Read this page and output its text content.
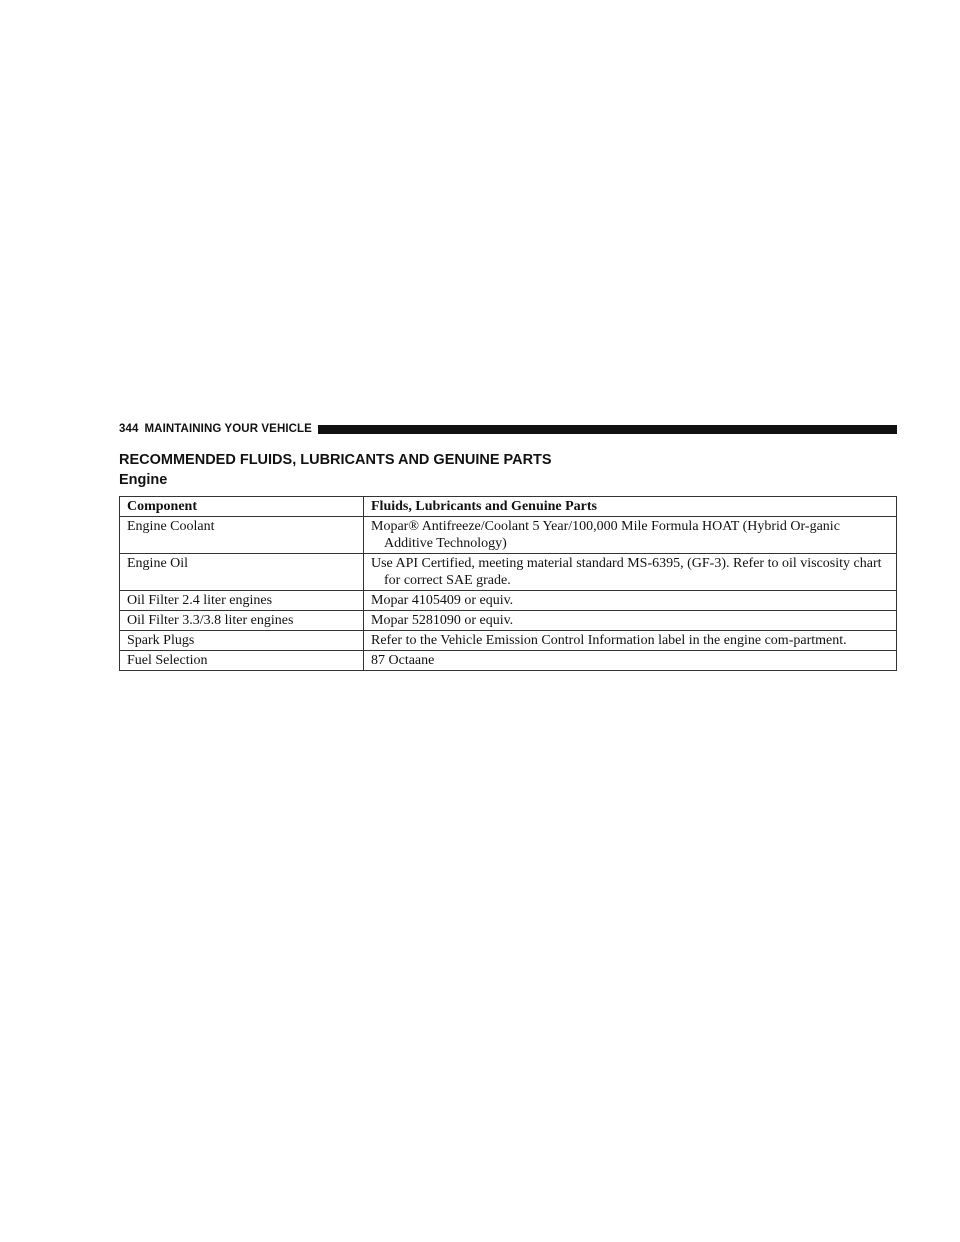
344 MAINTAINING YOUR VEHICLE
RECOMMENDED FLUIDS, LUBRICANTS AND GENUINE PARTS
Engine
Component	Fluids, Lubricants and Genuine Parts
Engine Coolant	Mopar® Antifreeze/Coolant 5 Year/100,000 Mile Formula HOAT (Hybrid Or-ganic Additive Technology)
Engine Oil	Use API Certified, meeting material standard MS-6395, (GF-3). Refer to oil viscosity chart for correct SAE grade.
Oil Filter 2.4 liter engines	Mopar 4105409 or equiv.
Oil Filter 3.3/3.8 liter engines	Mopar 5281090 or equiv.
Spark Plugs	Refer to the Vehicle Emission Control Information label in the engine com-partment.
Fuel Selection	87 Octaane
